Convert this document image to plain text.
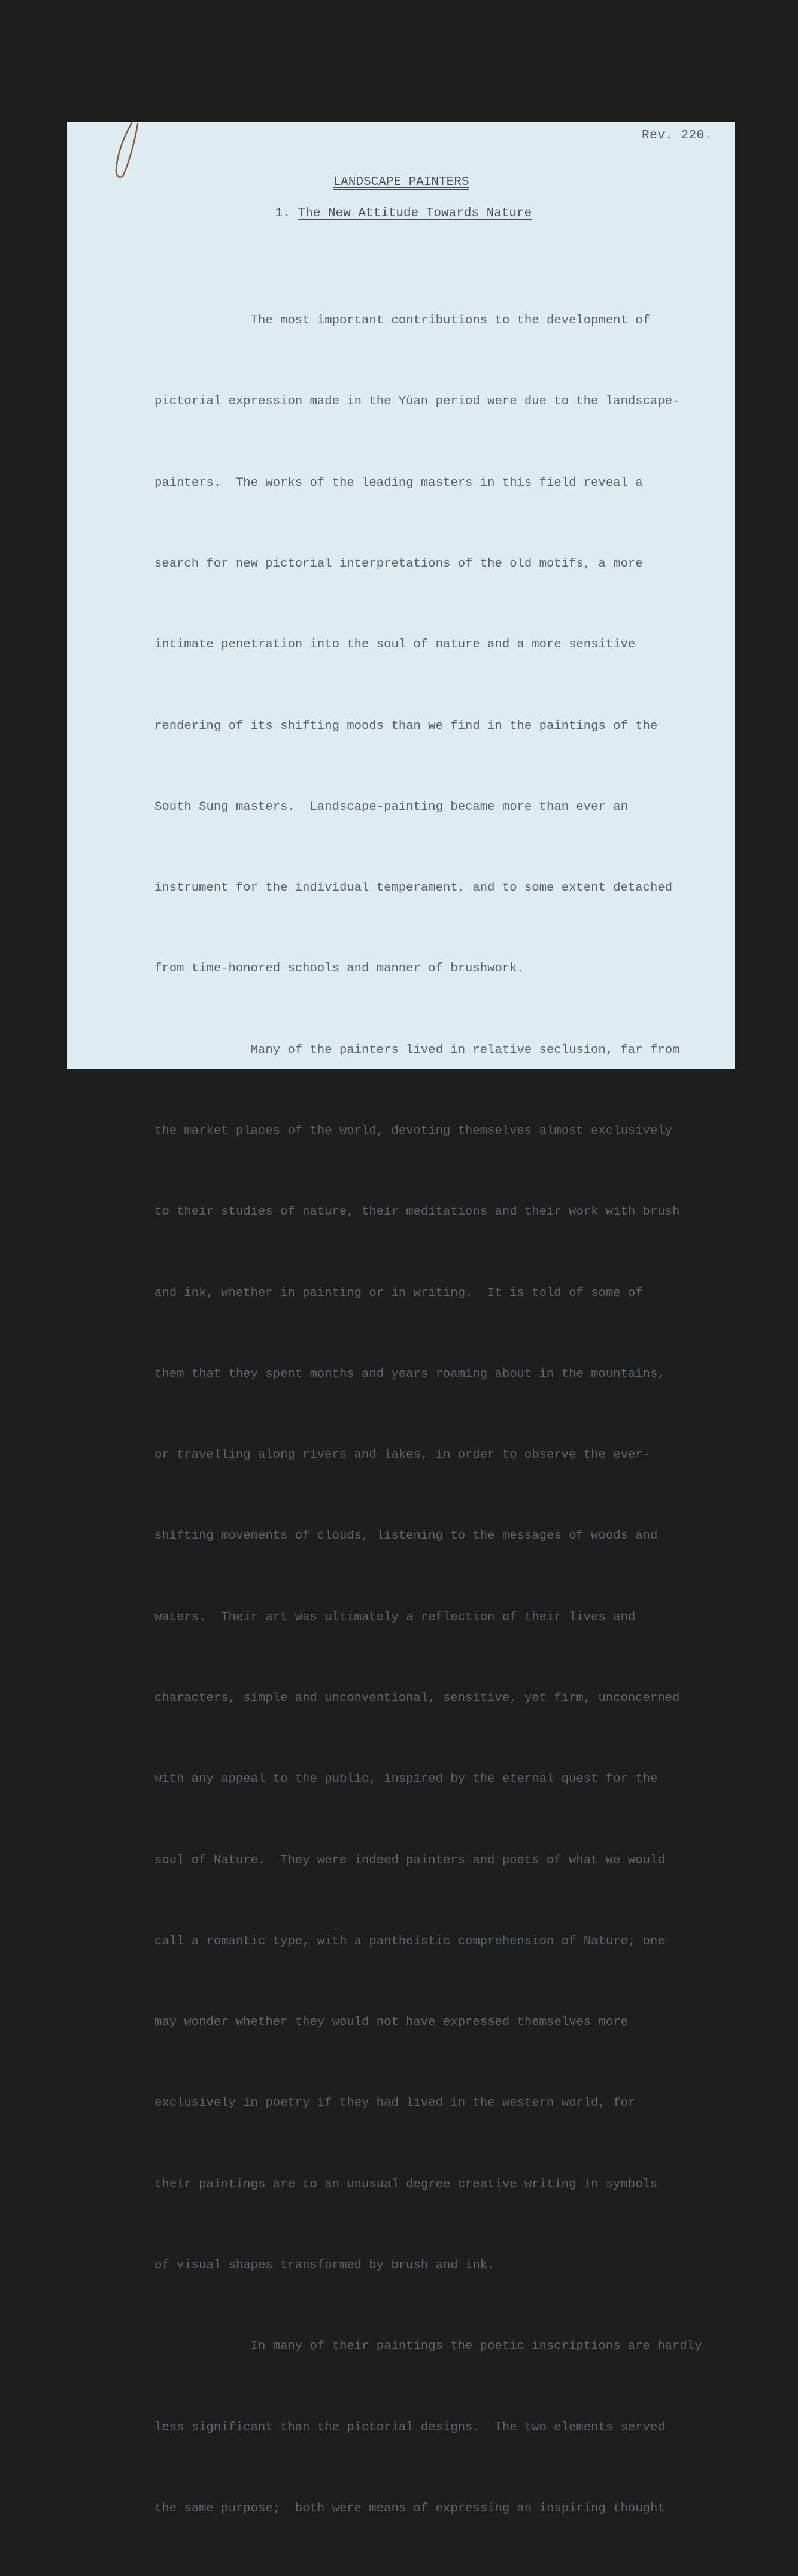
Rev. 220.
LANDSCAPE PAINTERS
1. The New Attitude Towards Nature

The most important contributions to the development of

pictorial expression made in the Yüan period were due to the landscape-

painters.  The works of the leading masters in this field reveal a

search for new pictorial interpretations of the old motifs, a more

intimate penetration into the soul of nature and a more sensitive

rendering of its shifting moods than we find in the paintings of the

South Sung masters.  Landscape-painting became more than ever an

instrument for the individual temperament, and to some extent detached

from time-honored schools and manner of brushwork.

Many of the painters lived in relative seclusion, far from

the market places of the world, devoting themselves almost exclusively

to their studies of nature, their meditations and their work with brush

and ink, whether in painting or in writing.  It is told of some of

them that they spent months and years roaming about in the mountains,

or travelling along rivers and lakes, in order to observe the ever-

shifting movements of clouds, listening to the messages of woods and

waters.  Their art was ultimately a reflection of their lives and

characters, simple and unconventional, sensitive, yet firm, unconcerned

with any appeal to the public, inspired by the eternal quest for the

soul of Nature.  They were indeed painters and poets of what we would

call a romantic type, with a pantheistic comprehension of Nature; one

may wonder whether they would not have expressed themselves more

exclusively in poetry if they had lived in the western world, for

their paintings are to an unusual degree creative writing in symbols

of visual shapes transformed by brush and ink.

In many of their paintings the poetic inscriptions are hardly

less significant than the pictorial designs.  The two elements served

the same purpose;  both were means of expressing an inspiring thought
